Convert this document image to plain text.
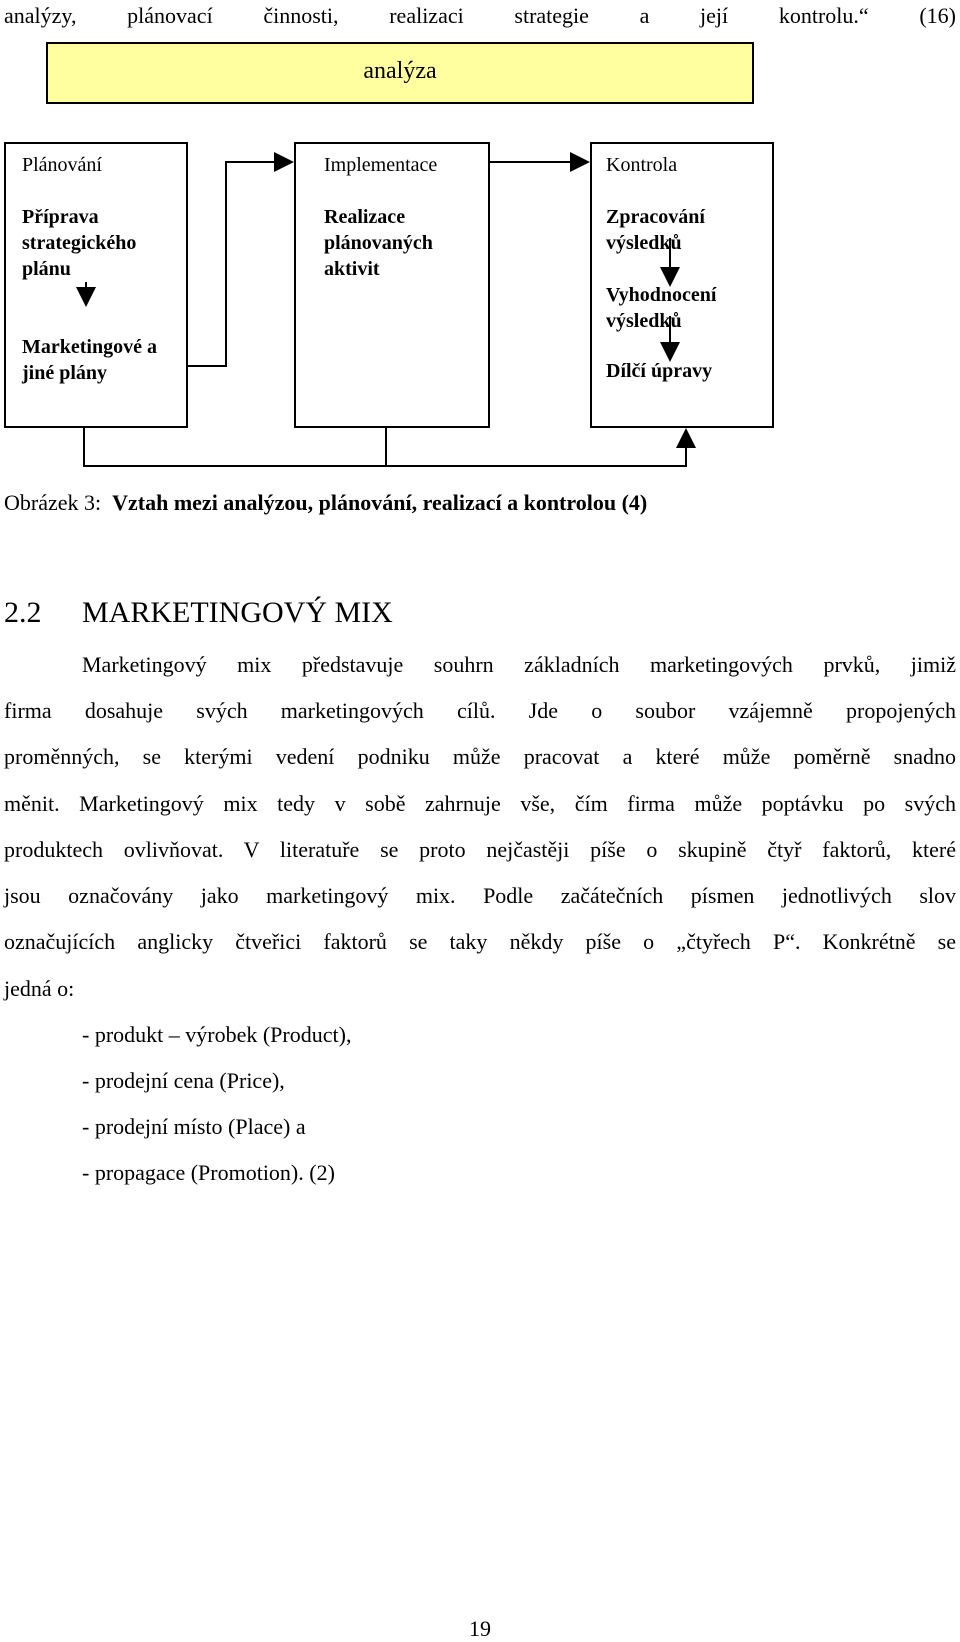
analýzy, plánovací činnosti, realizaci strategie a její kontrolu.“ (16)
analýza
Plánování
Příprava strategického plánu
Marketingové a jiné plány
Implementace
Realizace plánovaných aktivit
Kontrola
Zpracování výsledků
Vyhodnocení výsledků
Dílčí úpravy
Obrázek 3: Vztah mezi analýzou, plánování, realizací a kontrolou (4)
2.2 MARKETINGOVÝ MIX
Marketingový mix představuje souhrn základních marketingových prvků, jimiž
firma dosahuje svých marketingových cílů. Jde o soubor vzájemně propojených
proměnných, se kterými vedení podniku může pracovat a které může poměrně snadno
měnit. Marketingový mix tedy v sobě zahrnuje vše, čím firma může poptávku po svých
produktech ovlivňovat. V literatuře se proto nejčastěji píše o skupině čtyř faktorů, které
jsou označovány jako marketingový mix. Podle začátečních písmen jednotlivých slov
označujících anglicky čtveřici faktorů se taky někdy píše o „čtyřech P“. Konkrétně se
jedná o:
- produkt – výrobek (Product),
- prodejní cena (Price),
- prodejní místo (Place) a
- propagace (Promotion). (2)
19
